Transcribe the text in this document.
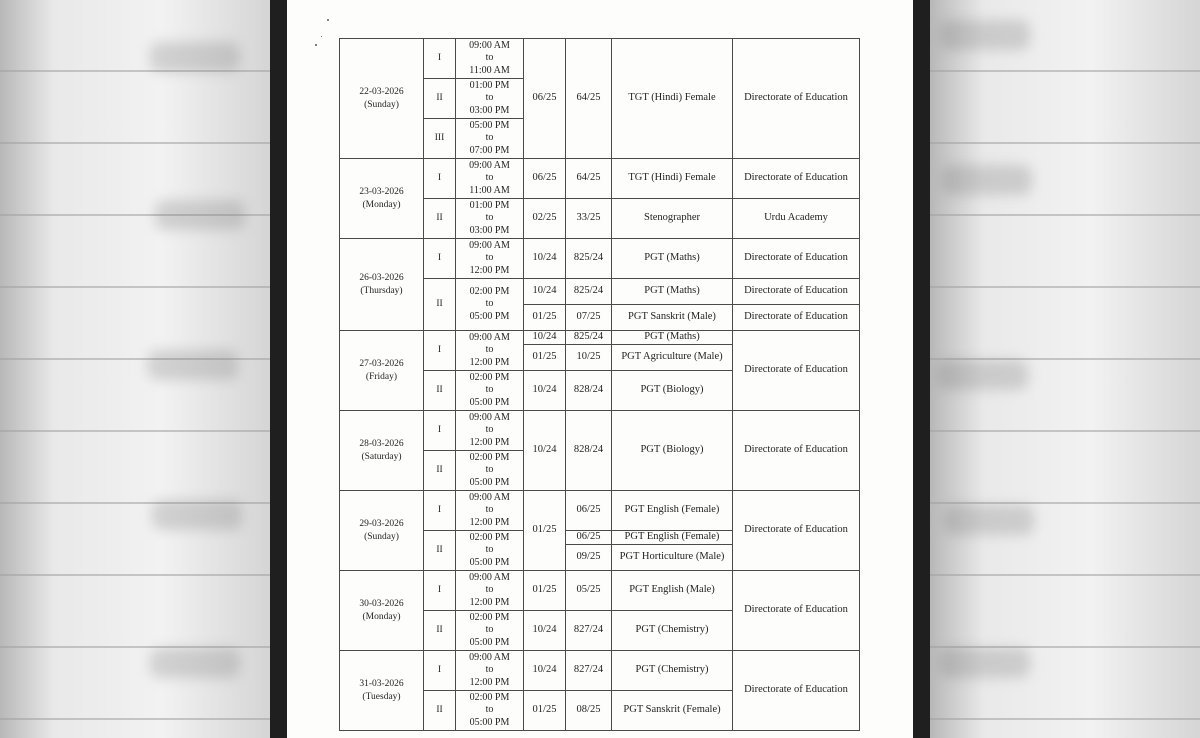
22-03-2026
(Sunday)	I	09:00 AM
to
11:00 AM	06/25	64/25	TGT (Hindi) Female	Directorate of Education
	II	01:00 PM
to
03:00 PM				

	III	05:00 PM
to
07:00 PM				

23-03-2026
(Monday)	I	09:00 AM
to
11:00 AM	06/25	64/25	TGT (Hindi) Female	Directorate of Education
	II	01:00 PM
to
03:00 PM	02/25	33/25	Stenographer	Urdu Academy

26-03-2026
(Thursday)	I	09:00 AM
to
12:00 PM	10/24	825/24	PGT (Maths)	Directorate of Education
	II	02:00 PM
to
05:00 PM	10/24	825/24	PGT (Maths)	Directorate of Education
			01/25	07/25	PGT Sanskrit (Male)	Directorate of Education

27-03-2026
(Friday)	I	09:00 AM
to
12:00 PM	10/24	825/24	PGT (Maths)	Directorate of Education
			01/25	10/25	PGT Agriculture (Male)	
	II	02:00 PM
to
05:00 PM	10/24	828/24	PGT (Biology)	

28-03-2026
(Saturday)	I	09:00 AM
to
12:00 PM	10/24	828/24	PGT (Biology)	Directorate of Education
	II	02:00 PM
to
05:00 PM				

29-03-2026
(Sunday)	I	09:00 AM
to
12:00 PM	01/25	06/25	PGT English (Female)	Directorate of Education
	II	02:00 PM
to
05:00 PM		06/25	PGT English (Female)	
				09/25	PGT Horticulture (Male)	

30-03-2026
(Monday)	I	09:00 AM
to
12:00 PM	01/25	05/25	PGT English (Male)	Directorate of Education
	II	02:00 PM
to
05:00 PM	10/24	827/24	PGT (Chemistry)	

31-03-2026
(Tuesday)	I	09:00 AM
to
12:00 PM	10/24	827/24	PGT (Chemistry)	Directorate of Education
	II	02:00 PM
to
05:00 PM	01/25	08/25	PGT Sanskrit (Female)	
